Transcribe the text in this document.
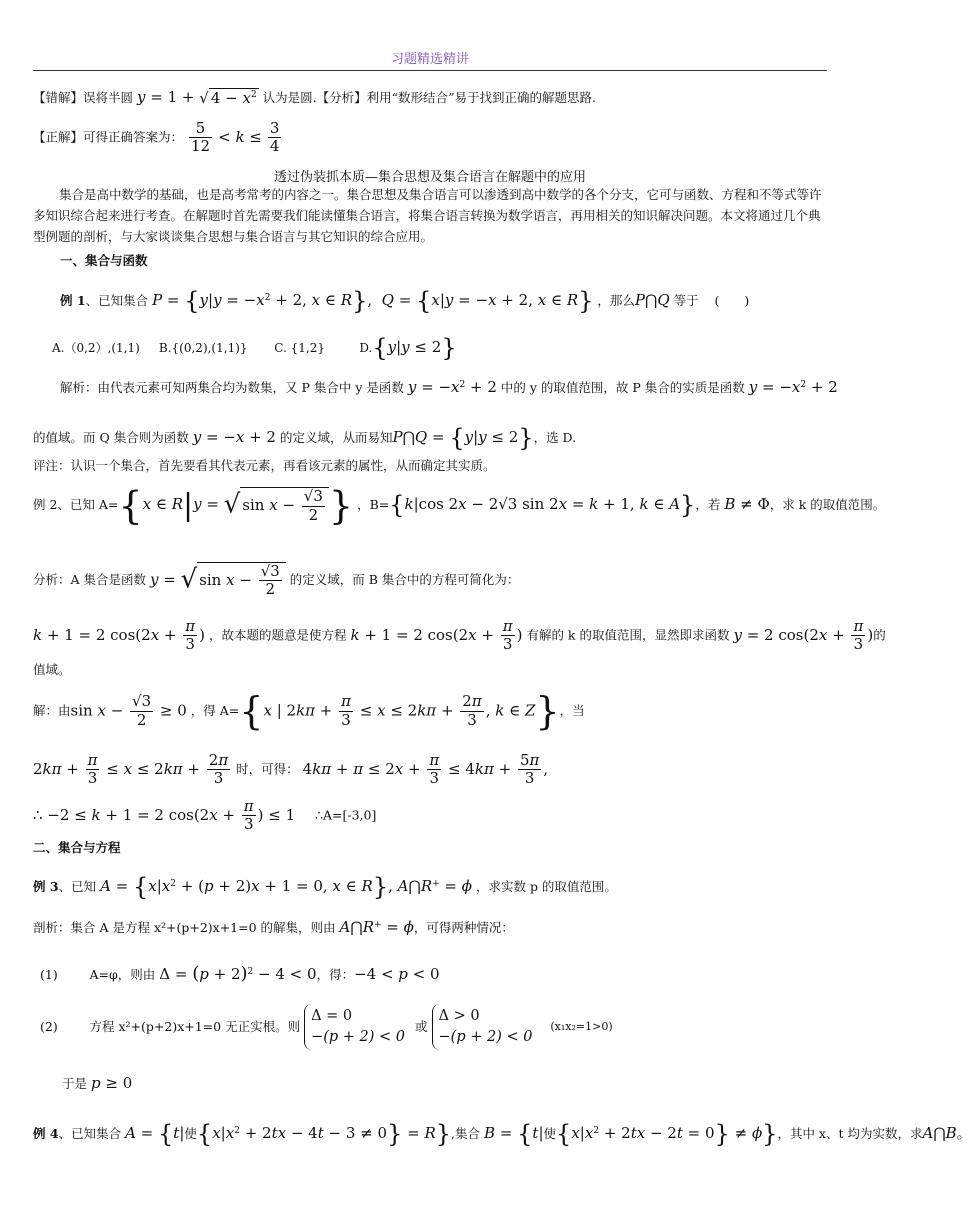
习题精选精讲
【错解】误将半圆 y = 1 + √ $4 - x^2$ 认为是圆.【分析】利用“数形结合”易于找到正确的解题思路.
【正解】可得正确答案为： $\frac{5}{12} < k \le \frac{3}{4}$
透过伪装抓本质—集合思想及集合语言在解题中的应用
集合是高中数学的基础，也是高考常考的内容之一。集合思想及集合语言可以渗透到高中数学的各个分支，它可与函数、方程和不等式等许多知识综合起来进行考查。在解题时首先需要我们能读懂集合语言，将集合语言转换为数学语言，再用相关的知识解决问题。本文将通过几个典型例题的剖析，与大家谈谈集合思想与集合语言与其它知识的综合应用。
一、集合与函数
例 1、已知集合 $P = \{y|y = -x^2 + 2$, x ∈ R},  Q = {x|y = −x + 2, x ∈ R} ，那么P⋂Q 等于 (　　)
A.（0,2）,(1,1) B.{(0,2),(1,1)} C. {1,2}	D.{y|y ≤ 2}
解析：由代表元素可知两集合均为数集，又 P 集合中 y 是函数 $y = -x^2 + 2$ 中的 y 的取值范围，故 P 集合的实质是函数 $y = -x^2 + 2$
的值域。而 Q 集合则为函数 y = −x + 2 的定义域，从而易知P⋂Q = {y|y ≤ 2}，选 D.
评注：认识一个集合，首先要看其代表元素，再看该元素的属性，从而确定其实质。
例 2、已知 A={x ∈ R|y = √ $\sin x - \frac{√3}{2}$ } ，B={k|cos 2x − 2√3 sin 2x = k + 1, k ∈ A}，若 B ≠ Φ，求 k 的取值范围。
分析：A 集合是函数 y = √ $\sin x - \frac{√3}{2}$ 的定义域，而 B 集合中的方程可简化为：
k + 1 = 2 $\cos(2x + \frac{\pi}{3}$ ) ，故本题的题意是使方程 k + 1 = 2 $\cos(2x + \frac{\pi}{3}$ ) 有解的 k 的取值范围，显然即求函数 y = 2 $\cos(2x + \frac{\pi}{3}$ )的
值域。
解：由$\sin x - \frac{√3}{2} \ge 0$ ，得 A={x | $2k\pi + \frac{\pi}{3} \le x \le 2k\pi + \frac{2\pi}{3}$ , k ∈ Z}，当
$2k\pi + \frac{\pi}{3} \le x \le 2k\pi + \frac{2\pi}{3}$ 时，可得： $4k\pi + \pi \le 2x + \frac{\pi}{3} \le 4k\pi + \frac{5\pi}{3}$ ,
∴ −2 ≤ k + 1 = 2 $\cos(2x + \frac{\pi}{3}$ ) ≤ 1 ∴A=[-3,0]
二、集合与方程
例 3、已知 $A = \{x|x^2 + (p + 2)x + 1 = 0$, x ∈ R}, A⋂R+ = ϕ ，求实数 p 的取值范围。
剖析：集合 A 是方程 x²+(p+2)x+1=0 的解集，则由 A⋂R+ = ϕ，可得两种情况：
(1)	A=φ，则由 $\Delta = (p + 2)^2 - 4 < 0$，得：−4 < p < 0
(2)	方程 x²+(p+2)x+1=0 无正实根。则 Δ = 0
−(p + 2) < 0 或 Δ > 0
−(p + 2) < 0   (x₁x₂=1>0)
于是 p ≥ 0
例 4、已知集合 A = {t|使$\{x|x^2 + 2tx - 4t - 3 \ne 0\} = R$},集合 B = {t|使$\{x|x^2 + 2tx - 2t = 0\} \ne \phi$}，其中 x、t 均为实数，求A⋂B。
